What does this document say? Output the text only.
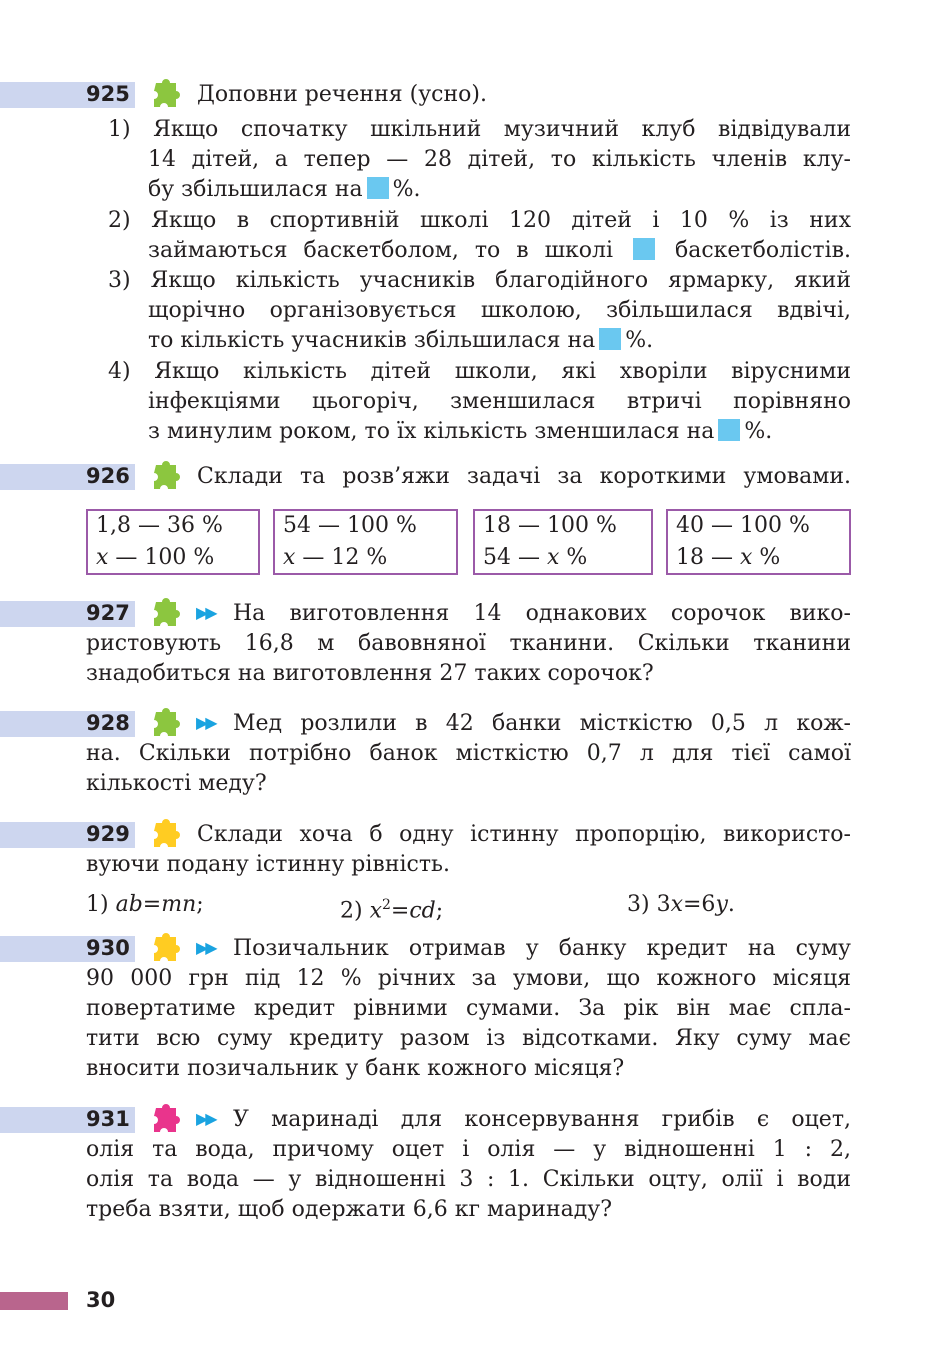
925	Доповни речення (усно).
1) Якщо спочатку шкільний музичний клуб відвідували
14 дітей, а тепер — 28 дітей, то кількість членів клу-
бу збільшилася на %.
2) Якщо в спортивній школі 120 дітей і 10 % із них
займаються баскетболом, то в школі	баскетболістів.
3) Якщо кількість учасників благодійного ярмарку, який
щорічно організовується школою, збільшилася вдвічі,
то кількість учасників збільшилася на %.
4) Якщо кількість дітей школи, які хворіли вірусними
інфекціями цьогоріч, зменшилася втричі порівняно
з минулим роком, то їх кількість зменшилася на %.
926	Склади та розв’яжи задачі за короткими умовами.
1,8 — 36 %
x — 100 %
54 — 100 %
x — 12 %
18 — 100 %
54 — x %
40 — 100 %
18 — x %
927	▶▶ На виготовлення 14 однакових сорочок вико-
ристовують 16,8 м бавовняної тканини. Скільки тканини
знадобиться на виготовлення 27 таких сорочок?
928	▶▶ Мед розлили в 42 банки місткістю 0,5 л кож-
на. Скільки потрібно банок місткістю 0,7 л для тієї самої
кількості меду?
929	Склади хоча б одну істинну пропорцію, використо-
вуючи подану істинну рівність.
1) ab=mn;	2) $x^2=cd$;	3) 3x=6y.
930	▶▶ Позичальник отримав у банку кредит на суму
90 000 грн під 12 % річних за умови, що кожного місяця
повертатиме кредит рівними сумами. За рік він має спла-
тити всю суму кредиту разом із відсотками. Яку суму має
вносити позичальник у банк кожного місяця?
931	▶▶ У маринаді для консервування грибів є оцет,
олія та вода, причому оцет і олія — у відношенні 1 : 2,
олія та вода — у відношенні 3 : 1. Скільки оцту, олії і води
треба взяти, щоб одержати 6,6 кг маринаду?
30
